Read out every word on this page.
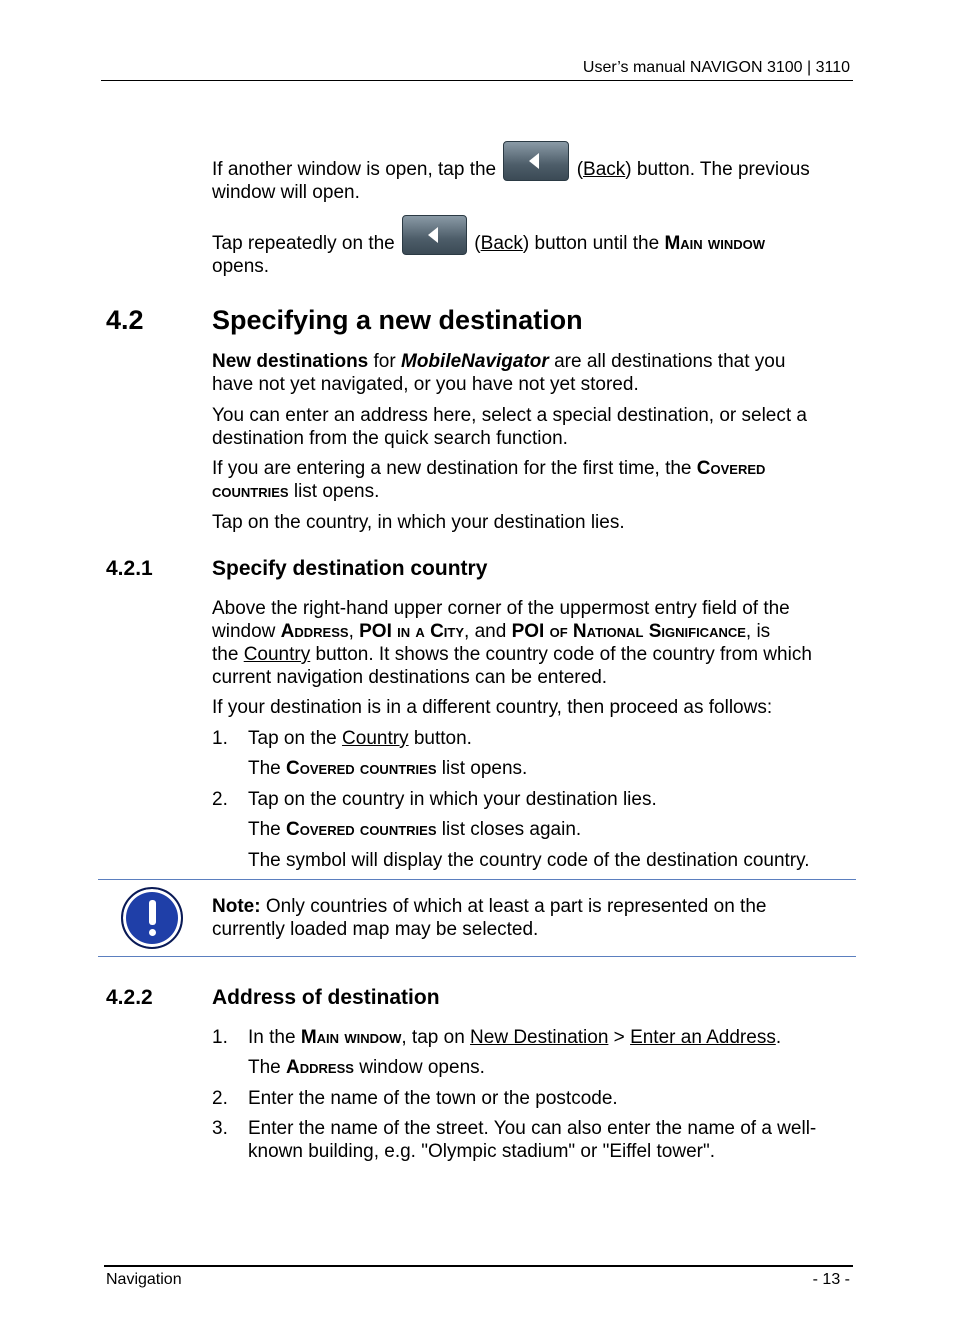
User’s manual NAVIGON 3100 | 3110
If another window is open, tap the
	( Back ) button. The previous
window will open.
Tap repeatedly on the
	( Back ) button until the
Main window
opens.
4.2	Specifying a new destination
New destinations for MobileNavigator are all destinations that you
have not yet navigated, or you have not yet stored.
You can enter an address here, select a special destination, or select a
destination from the quick search function.
If you are entering a new destination for the first time, the Covered
countries list opens.
Tap on the country, in which your destination lies.
4.2.1	Specify destination country
Above the right-hand upper corner of the uppermost entry field of the
window Address, POI in a City, and POI of National Significance, is
the Country button. It shows the country code of the country from which
current navigation destinations can be entered.
If your destination is in a different country, then proceed as follows:
1.	Tap on the Country button.
The Covered countries list opens.
2.	Tap on the country in which your destination lies.
The Covered countries list closes again.
The symbol will display the country code of the destination country.
Note: Only countries of which at least a part is represented on the
currently loaded map may be selected.
4.2.2	Address of destination
1.	In the Main window, tap on New Destination > Enter an Address.
The Address window opens.
2.	Enter the name of the town or the postcode.
3.	Enter the name of the street. You can also enter the name of a well-
known building, e.g. "Olympic stadium" or "Eiffel tower".
Navigation	- 13 -
